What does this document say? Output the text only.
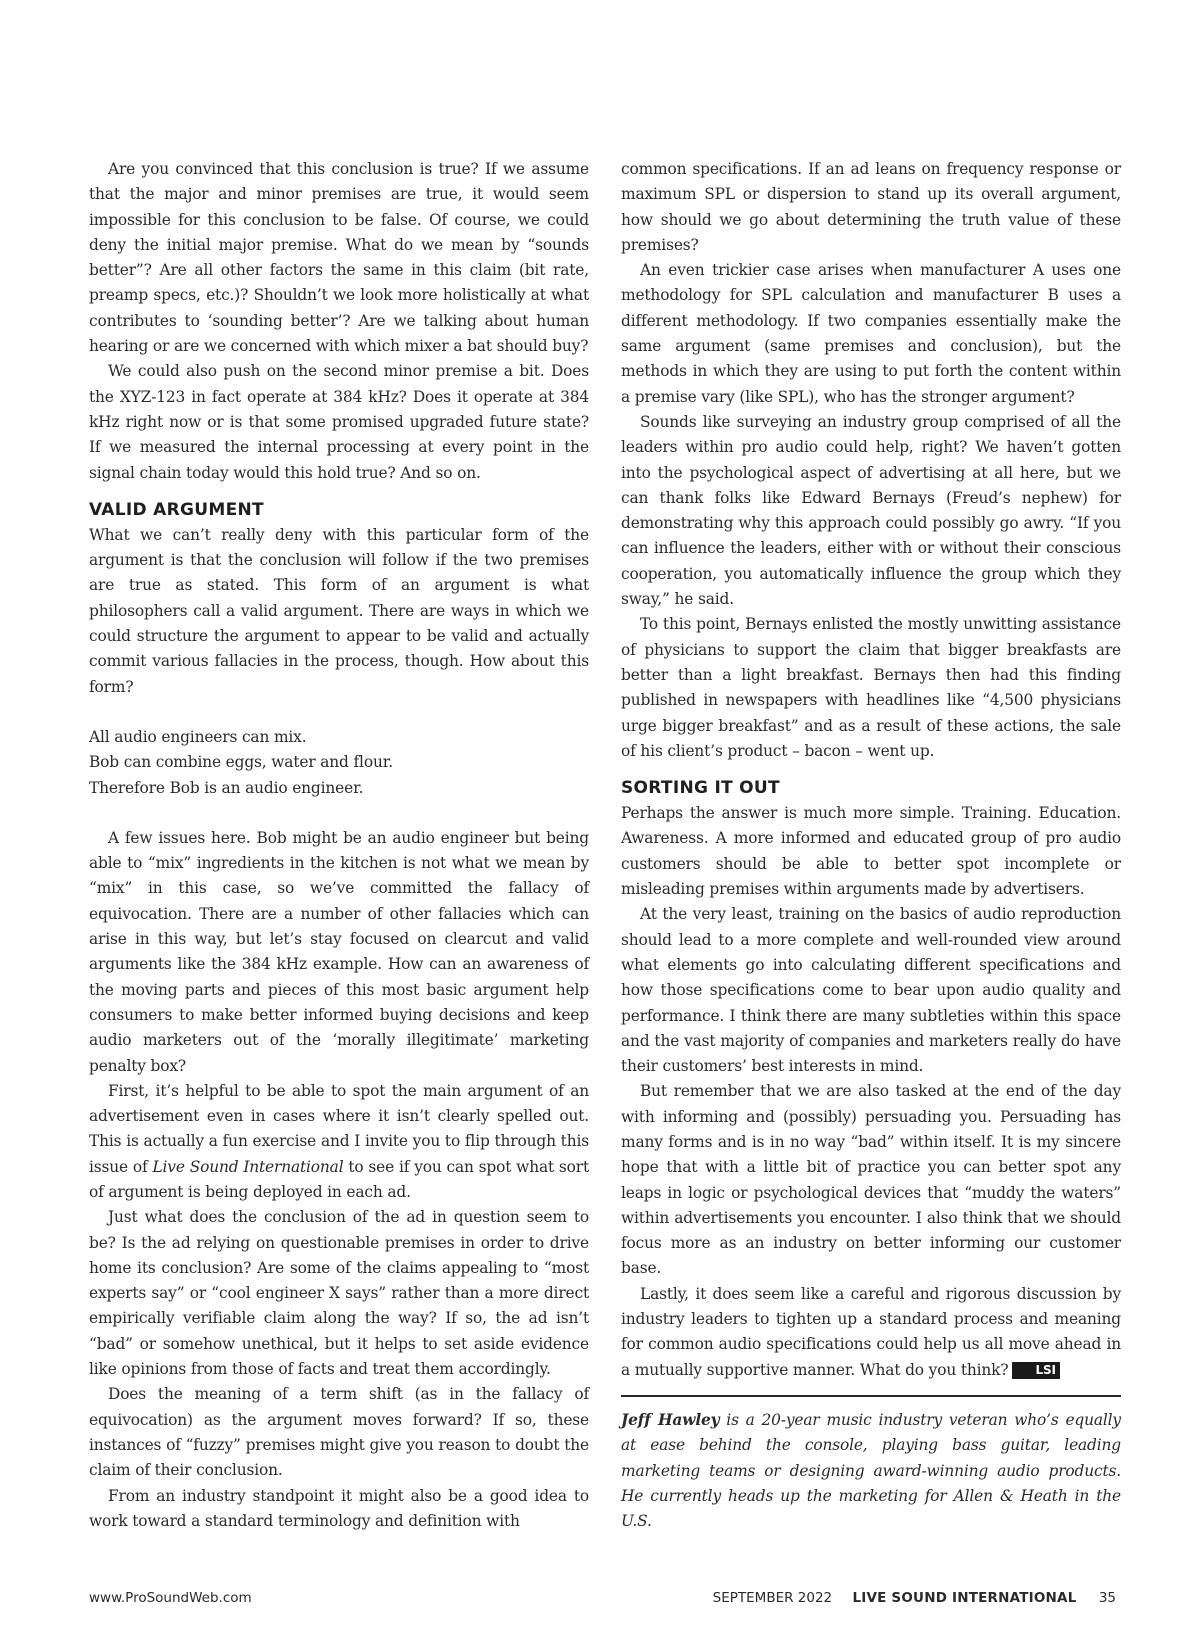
Are you convinced that this conclusion is true? If we assume that the major and minor premises are true, it would seem impossible for this conclusion to be false. Of course, we could deny the initial major premise. What do we mean by “sounds better”? Are all other factors the same in this claim (bit rate, preamp specs, etc.)? Shouldn’t we look more holistically at what contributes to ‘sounding better’? Are we talking about human hearing or are we concerned with which mixer a bat should buy?

We could also push on the second minor premise a bit. Does the XYZ-123 in fact operate at 384 kHz? Does it operate at 384 kHz right now or is that some promised upgraded future state? If we measured the internal processing at every point in the signal chain today would this hold true? And so on.

VALID ARGUMENT

What we can’t really deny with this particular form of the argument is that the conclusion will follow if the two premises are true as stated. This form of an argument is what philosophers call a valid argument. There are ways in which we could structure the argument to appear to be valid and actually commit various fallacies in the process, though. How about this form?

All audio engineers can mix.
Bob can combine eggs, water and flour.
Therefore Bob is an audio engineer.

A few issues here. Bob might be an audio engineer but being able to “mix” ingredients in the kitchen is not what we mean by “mix” in this case, so we’ve committed the fallacy of equivocation. There are a number of other fallacies which can arise in this way, but let’s stay focused on clearcut and valid arguments like the 384 kHz example. How can an awareness of the moving parts and pieces of this most basic argument help consumers to make better informed buying decisions and keep audio marketers out of the ‘morally illegitimate’ marketing penalty box?

First, it’s helpful to be able to spot the main argument of an advertisement even in cases where it isn’t clearly spelled out. This is actually a fun exercise and I invite you to flip through this issue of Live Sound International to see if you can spot what sort of argument is being deployed in each ad.

Just what does the conclusion of the ad in question seem to be? Is the ad relying on questionable premises in order to drive home its conclusion? Are some of the claims appealing to “most experts say” or “cool engineer X says” rather than a more direct empirically verifiable claim along the way? If so, the ad isn’t “bad” or somehow unethical, but it helps to set aside evidence like opinions from those of facts and treat them accordingly.

Does the meaning of a term shift (as in the fallacy of equivocation) as the argument moves forward? If so, these instances of “fuzzy” premises might give you reason to doubt the claim of their conclusion.

From an industry standpoint it might also be a good idea to work toward a standard terminology and definition with

common specifications. If an ad leans on frequency response or maximum SPL or dispersion to stand up its overall argument, how should we go about determining the truth value of these premises?

An even trickier case arises when manufacturer A uses one methodology for SPL calculation and manufacturer B uses a different methodology. If two companies essentially make the same argument (same premises and conclusion), but the methods in which they are using to put forth the content within a premise vary (like SPL), who has the stronger argument?

Sounds like surveying an industry group comprised of all the leaders within pro audio could help, right? We haven’t gotten into the psychological aspect of advertising at all here, but we can thank folks like Edward Bernays (Freud’s nephew) for demonstrating why this approach could possibly go awry. “If you can influence the leaders, either with or without their conscious cooperation, you automatically influence the group which they sway,” he said.

To this point, Bernays enlisted the mostly unwitting assistance of physicians to support the claim that bigger breakfasts are better than a light breakfast. Bernays then had this finding published in newspapers with headlines like “4,500 physicians urge bigger breakfast” and as a result of these actions, the sale of his client’s product – bacon – went up.

SORTING IT OUT

Perhaps the answer is much more simple. Training. Education. Awareness. A more informed and educated group of pro audio customers should be able to better spot incomplete or misleading premises within arguments made by advertisers.

At the very least, training on the basics of audio reproduction should lead to a more complete and well-rounded view around what elements go into calculating different specifications and how those specifications come to bear upon audio quality and performance. I think there are many subtleties within this space and the vast majority of companies and marketers really do have their customers’ best interests in mind.

But remember that we are also tasked at the end of the day with informing and (possibly) persuading you. Persuading has many forms and is in no way “bad” within itself. It is my sincere hope that with a little bit of practice you can better spot any leaps in logic or psychological devices that “muddy the waters” within advertisements you encounter. I also think that we should focus more as an industry on better informing our customer base.

Lastly, it does seem like a careful and rigorous discussion by industry leaders to tighten up a standard process and meaning for common audio specifications could help us all move ahead in a mutually supportive manner. What do you think? LSI

Jeff Hawley is a 20-year music industry veteran who’s equally at ease behind the console, playing bass guitar, leading marketing teams or designing award-winning audio products. He currently heads up the marketing for Allen & Heath in the U.S.

www.ProSoundWeb.com	SEPTEMBER 2022 LIVE SOUND INTERNATIONAL 35
